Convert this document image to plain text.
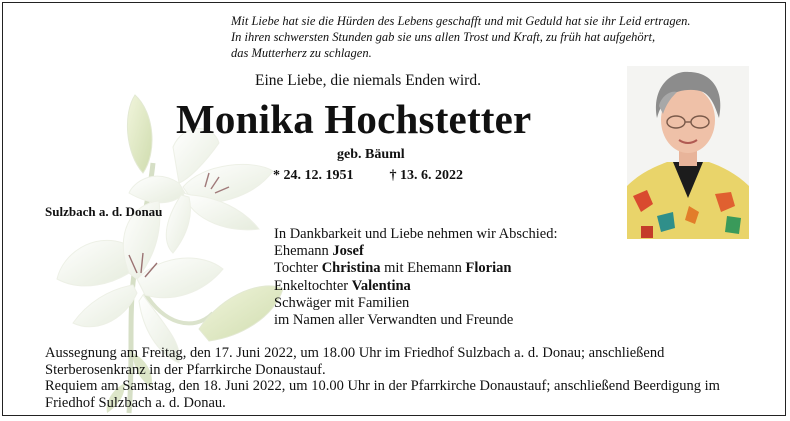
Mit Liebe hat sie die Hürden des Lebens geschafft und mit Geduld hat sie ihr Leid ertragen.
In ihren schwersten Stunden gab sie uns allen Trost und Kraft, zu früh hat aufgehört,
das Mutterherz zu schlagen.
Eine Liebe, die niemals Enden wird.
Monika Hochstetter
geb. Bäuml
* 24. 12. 1951	† 13. 6. 2022
Sulzbach a. d. Donau
In Dankbarkeit und Liebe nehmen wir Abschied:
Ehemann Josef
Tochter Christina mit Ehemann Florian
Enkeltochter Valentina
Schwäger mit Familien
im Namen aller Verwandten und Freunde

Aussegnung am Freitag, den 17. Juni 2022, um 18.00 Uhr im Friedhof Sulzbach a. d. Donau; anschließend Sterberosenkranz in der Pfarrkirche Donaustauf.

Requiem am Samstag, den 18. Juni 2022, um 10.00 Uhr in der Pfarrkirche Donaustauf; anschließend Beerdigung im Friedhof Sulzbach a. d. Donau.
